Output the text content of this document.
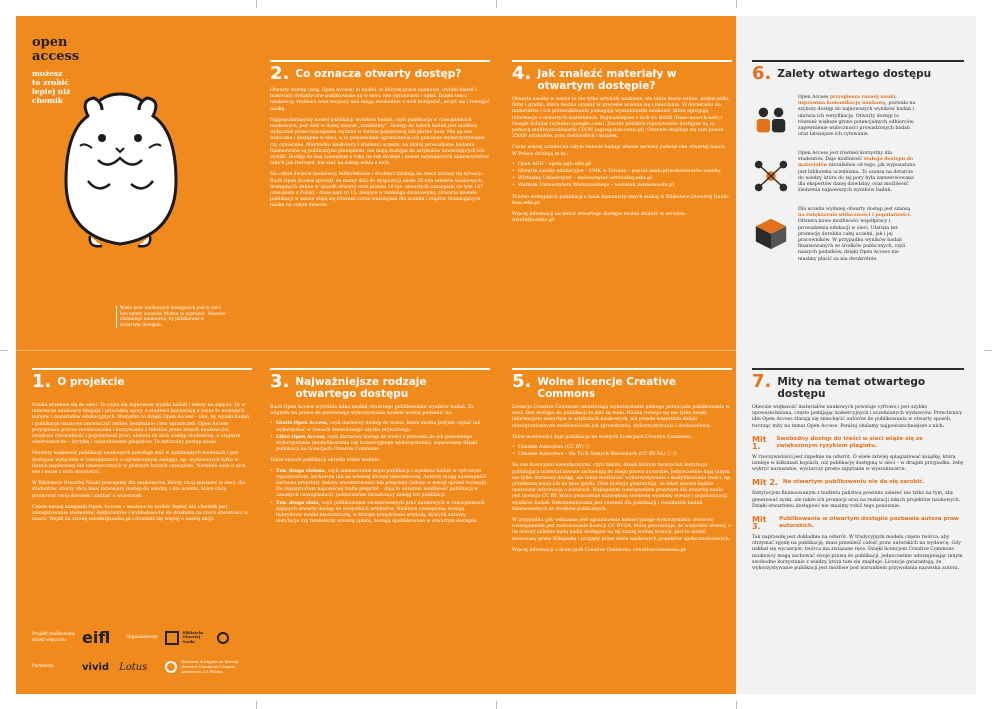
open
access
możesz
to zrobić
lepiej niż
chomik
Wiele prac naukowych dostępnych jest w sieci bez opłaty autorów. Można to zaprawić. Nawetw chłonnego naukowca, by publikował w otwartym dostępie.
2. Co oznacza otwarty dostęp?

Otwarty dostęp (ang. Open Access) to model, w którym prace naukowe, wyniki badań i materiały dydaktyczne publikowane są w sieci, bez ograniczeń i opłat. Dzięki temu naukowcy, studenci oraz wszyscy inni mogą swobodnie z nich korzystać, uczyć się i rozwijać naukę.

Najpopularniejszy model publikacji wyników badań, czyli publikacja w czasopismach naukowych, jest dziś w dużej mierze „zamknięty”. Dostęp do takich badań jest możliwy wyłącznie przez czasopisma wydane w formie papierowej lub płatne bazy. Nie są one widoczne i dostępne w sieci, a to powszechne ograniczenia ich ponowne wykorzystywanie czy cytowanie. Nierzadko naukowcy i studenci uczelni, na której prowadzone badania finansowane są publicznymi pieniędzmi, nie mają dostępu do artykułów zawierających ich wyniki. Dostęp do baz czasopism z roku na rok drożeje i nawet największych uniwersytetów, takich jak Harvard, nie stać na zakup wielu z nich.

Na całym świecie naukowcy, bibliotekarze i studenci działają na rzecz zmiany tej sytuacji. Ruch Open Access sprawił, że mamy dziś do dyspozycji około 50 mln tekstów naukowych, dostępnych online w sposób otwarty oraz prawie 10 tys. otwartych czasopism (w tym 157 czasopism z Polski – dane nam to 15. miejsce w rankingu światowym). Otwarte modele publikacji w nauce stają się również coraz ważniejsze dla uczelni i rządów finansujących naukę na całym świecie.

4. Jak znaleźć materiały w otwartym dostępie?

Otwarte zasoby w nauce to nie tylko artykuły naukowe, ale także kursy online, podręczniki, filmy i grafiki, które można używać w procesie uczenia się i nauczania. W docieraniu do materiałów i ich przeszukiwaniu pomagają wyszukiwarki naukowe, które agregują informacje o otwartych materiałach. Najważniejsze z nich to: BASE (base-search.net) i Google Scholar (scholar.google.com). Zasoby polskich repozytoriów dostępne są za pomocą multiwyszukiwarki CEON (agregator.ceon.pl). Obecnie znajduje się tam ponad 25000 artykułów, prac doktorskich i książek.

Coraz więcej uczelni na całym świecie buduje własne serwisy poświęcone otwartej nauce. W Polsce działają m.in.:

• Open AGH – open.agh.edu.pl
• Otwarte zasoby edukacyjne – UMK w Toruniu – portal.umk.pl/web/otwarte-zasoby
• Wirtualny Uniwersytet – uniwersytet-wirtualny.edu.pl
• Waźniak Uniwersytetu Warszawskiego – wazniak.mimuw.edu.pl

Trudno dostępnych publikacji z nauk humanistycznych szukaj w Bibliotece Otwartej Nauki: bon.edu.pl

Więcej informacji na temat otwartego dostępu można znaleźć w serwisie – uwolnijnauke.pl

6. Zalety otwartego dostępu

Open Access przyspiesza rozwój nauki, usprawnia komunikację naukową, pozwala na szybszy dostęp do najnowszych wyników badań i ułatwia ich weryfikację. Otwarty dostęp to również większe grono potencjalnych odbiorców, zapewnienie widoczności prowadzonych badań oraz łatwiejsze ich cytowanie.

Open Access jest również korzystny dla studentów. Daje możliwość stałego dostępu do materiałów niezależnie od tego, jak wyposażona jest biblioteka uczelniana. To szansa na dotarcie do wiedzy, która do tej pory była zarezerwowana dla ekspertów danej dziedziny, oraz możliwość śledzenia najnowszych wyników badań.

Dla uczelni wydanej otwarty dostęp jest szansą na zwiększenie widoczności i popularności. Otwiera nowe możliwości współpracy i prowadzenia edukacji w sieci. Ułatwia też promocję dorobku całej uczelni, jak i jej pracowników. W przypadku wyników badań finansowanych ze środków publicznych, czyli naszych podatków, dzięki Open Access nie musimy płacić za nie dwukrotnie.

1. O projekcie

Nauka przenosi się do sieci. To czyta się najnowsze wyniki badań i teksty na zajęcia. To w internecie naukowcy blogują i prowadzą spory, a studenci korzystają z coraz to nowszych kursów i materiałów edukacyjnych. Wszystko to dzięki Open Access – idei, by wyniki badań i publikacje naukowe umieszczać online, bezpłatnie i bez ograniczeń. Open Access przyspiesza proces recenzowania i korzystania z tekstów przez innych naukowców, zwiększa cytowalność i popularność prac, ułatwia do nich dostęp studentom, a czujnym obserwatorom – krytykę i wyszukiwanie plagiatów. To naturalny postęp nauki.

Niestety większość publikacji naukowych powstaje dziś w zamkniętych modelach i jest dostępna wyłącznie w czasopismach o ograniczonym zasięgu, np. wydawanych tylko w formie papierowej lub umieszczanych w płatnych bazach czasopism. Niewiele osób o nich wie i może z nich skorzystać.

W Bibliotece Otwartej Nauki pracujemy dla naukowców, którzy chcą zaistnieć w sieci, dla studentów, którzy chcą mieć łatwiejszy dostęp do wiedzy, i dla uczelni, które chcą promować swój dorobek i zadbać o wizerunek.

Celem naszej kampanii Open Access – możesz to zrobić lepiej niż chomik jest zainspirowanie studentów, doktorantów i wykładowców do działania na rzecz otwartości w nauce. Wejdź na stronę uwolnijnauke.pl i dowiedz się więcej o naszej akcji.

Projekt realizowany dzięki wsparciu: eifl	Organizatorzy:
Biblioteka Otwartej Nauki
Partnerzy:	vivid Lotus
Broszura dostępna na licencji Creative Commons Uznanie Autorstwa 3.0 Polska.
3. Najważniejsze rodzaje otwartego dostępu

Ruch Open Access wyróżnia kilka modeli otwartego publikowania wyników badań. Ze względu na prawa do ponownego wykorzystania modele można podzielić na:

• Gratis Open Access, czyli darmowy dostęp do treści, które można jedynie czytać lub wykorzystać w ramach dozwolonego użytku prywatnego.
• Libre Open Access, czyli darmowy dostęp do treści z prawami do ich ponownego wykorzystania (modyfikowania czy komercyjnego wykorzystania), zapewniany dzięki publikacji na licencjach Creative Commons.

Także sposób publikacji określa różne modele:

• Tzw. droga zielona, czyli umieszczanie kopii publikacji i wyników badań w cyfrowym repozytorium, archiwum lub na własnej stronie internetowej. Autorzy mogą udostępniać zarówno preprinty (teksty zrecenzowane) lub preprinty (teksty w wersji sprzed recenzji). Do repozytorium najczęściej trafia preprint – dają to autorom możliwość publikacji w uznanych czasopismach, jednocześnie świadczący zasięg ich publikacji.
• Tzw. droga złota, czyli publikowanie recenzowanych prac naukowych w czasopismach dających otwarty dostęp do wszystkich artykułów. Niektóre czasopisma stosują hybrydowy model ekonomiczny, w którym przejściowe artykuły, których autorzy, instytucje czy fundatorzy wnoszą opłatę, zostają opublikowane w otwartym dostępie.
5. Wolne licencje Creative Commons

Licencje Creative Commons umożliwiają wykorzystanie pełnego potencjału publikowania w sieci. Bez dostępu do publikacji to dziś za mało. Nauka rozwija się nie tylko dzięki informacjom zawartym w artykułach naukowych, ale przede wszystkim dzięki niezograniczonym możliwościom ich sprawdzania, wykorzystywania i doskonalenia.

Takie możliwości daje publikacja na wolnych licencjach Creative Commons:

• Uznanie Autorstwa (CC BY) ⓘ
• Uznanie Autorstwa – Na Tych Samych Warunkach (CC BY-SA) ⓘ ⓢ

Są one licencjami niewyłącznymi, czyli takimi, dzięki którym twórca lub instytucja publikująca materiał zawsze zachowują do niego prawa autorskie. Jednocześnie dają innym nie tylko darmowy dostęp, ale także możliwość wykorzystywania i modyfikowania treści, np. przetłumaczenia ich na inne języki. Obie licencje gwarantują, że tekst zawsze będzie opatrzony informacją o autorach. Najlepszym rozwiązaniem prawnym dla otwartej nauki jest licencja CC BY, która gwarantuje największą swobodę wymiany wiedzy i popularyzacji wyników badań. Rekomendowana jest również dla publikacji i rezultatów badań finansowanych ze środków publicznych.

W przypadku gdy wskazane jest ograniczenie komercyjnego wykorzystania utworów, rozwiązaniem jest zastosowanie licencji CC BY-SA, która gwarantuje, że wszystkie utwory, o ile otwory zależne będą nadal dostępne na tej samej wolnej licencji. Jest to model stosowany przez Wikipedię i przyjęty przez wiele naukowych projektów społecznościowych.

Więcej informacji o licencjach Creative Commons: creativecommons.pl

7. Mity na temat otwartego dostępu

Obecnie większość materiałów naukowych powstaje cyfrowo i jest szybko upowszechniana, często pomijając komercyjnych i uczelnianych wydawców. Przeciwnicy idei Open Access starają się zniechęcić autorów do publikowania w otwarty sposób, tworząc mity na temat Open Access. Poniżej obalamy najpowszechniejsze z nich:

Mit 1.
Swobodny dostęp do treści w sieci wiąże się ze zwiększonym ryzykiem plagiatu.

W rzeczywistości jest zupełnie na odwrót. O wiele łatwiej splagiatować książkę, która istnieje w kilkunast kopiach, niż publikację dostępną w sieci – w drugim przypadku, żeby wykryć naruszenie, wystarczy proste zapytanie w wyszukiwarce.

Mit 2. Na otwartym publikowaniu nie da się zarobić.

Instytucjom finansowanym z budżetu państwa powinno zależeć nie tylko na tym, aby generować zyski, ale także ich promocji oraz na realizacji takich projektów naukowych. Dzięki otwartemu dostępowi nie musimy robić tego ponownie.

Mit 3.
Publikowanie w otwartym dostępie pozbawia autora praw autorskich.

Tak naprawdę jest dokładnie na odwrót. W tradycyjnym modelu często twórca, aby otrzymać zgodę na publikację, musi przenieść całość praw autorskich na wydawcę. Gdy nakład się wyczerpie, twórca ma związane ręce. Dzięki licencjom Creative Commons naukowcy mogą zachować swoje prawa do publikacji, jednocześnie udostępniając innym swobodne korzystanie z wiedzy, która tam się znajduje. Licencje gwarantują, że wykorzystywanie publikacji jest możliwe pod warunkiem przywołania nazwiska autora.
